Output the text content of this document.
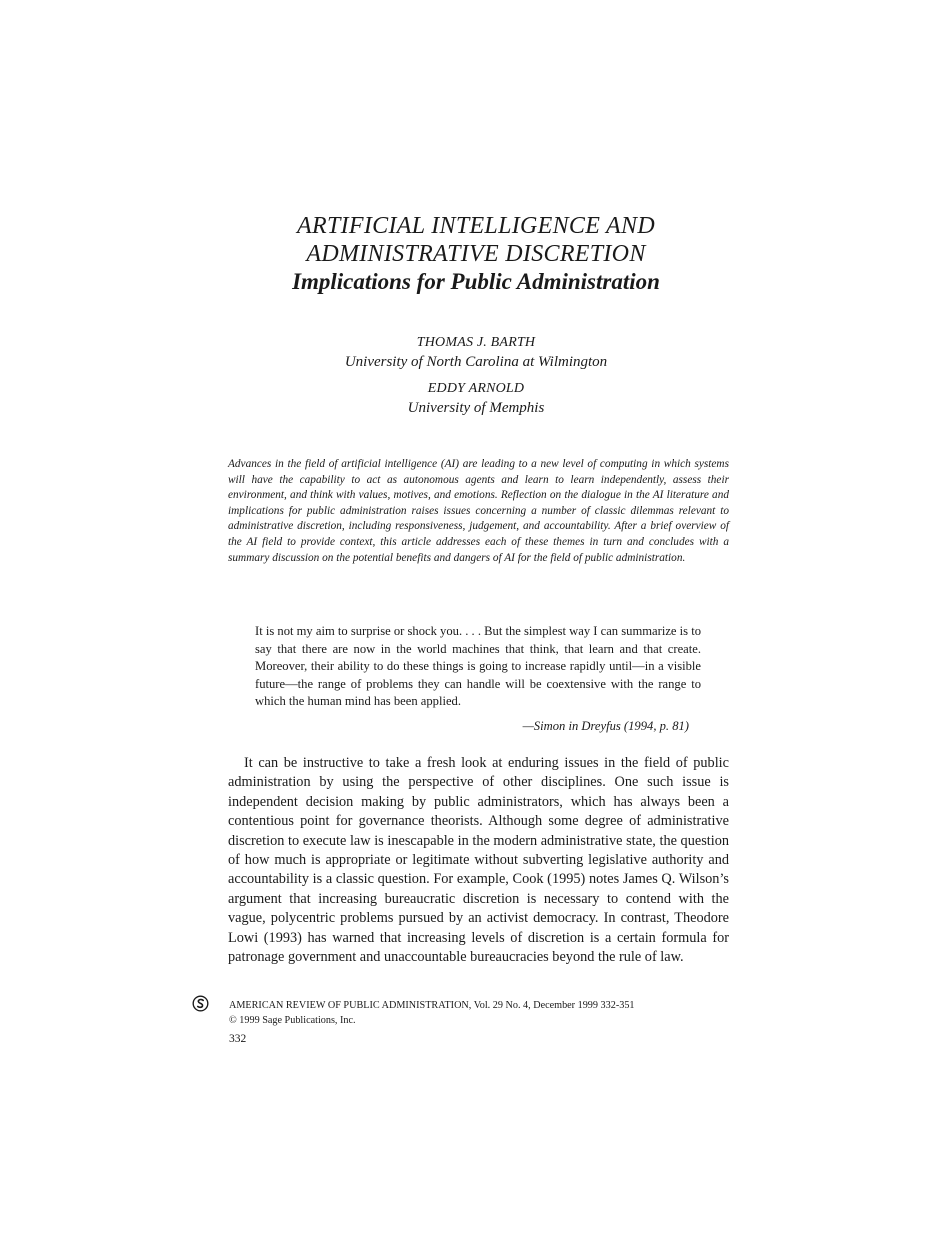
ARTIFICIAL INTELLIGENCE AND
ADMINISTRATIVE DISCRETION
Implications for Public Administration
THOMAS J. BARTH
University of North Carolina at Wilmington
EDDY ARNOLD
University of Memphis
Advances in the field of artificial intelligence (AI) are leading to a new level of computing in which systems will have the capability to act as autonomous agents and learn to learn independently, assess their environment, and think with values, motives, and emotions. Reflection on the dialogue in the AI literature and implications for public administration raises issues concerning a number of classic dilemmas relevant to administrative discretion, including responsiveness, judgement, and accountability. After a brief overview of the AI field to provide context, this article addresses each of these themes in turn and concludes with a summary discussion on the potential benefits and dangers of AI for the field of public administration.
It is not my aim to surprise or shock you. . . . But the simplest way I can summarize is to say that there are now in the world machines that think, that learn and that create. Moreover, their ability to do these things is going to increase rapidly until—in a visible future—the range of problems they can handle will be coextensive with the range to which the human mind has been applied.
—Simon in Dreyfus (1994, p. 81)
It can be instructive to take a fresh look at enduring issues in the field of public administration by using the perspective of other disciplines. One such issue is independent decision making by public administrators, which has always been a contentious point for governance theorists. Although some degree of administrative discretion to execute law is inescapable in the modern administrative state, the question of how much is appropriate or legitimate without subverting legislative authority and accountability is a classic question. For example, Cook (1995) notes James Q. Wilson’s argument that increasing bureaucratic discretion is necessary to contend with the vague, polycentric problems pursued by an activist democracy. In contrast, Theodore Lowi (1993) has warned that increasing levels of discretion is a certain formula for patronage government and unaccountable bureaucracies beyond the rule of law.
AMERICAN REVIEW OF PUBLIC ADMINISTRATION, Vol. 29 No. 4, December 1999 332-351
© 1999 Sage Publications, Inc.
332
